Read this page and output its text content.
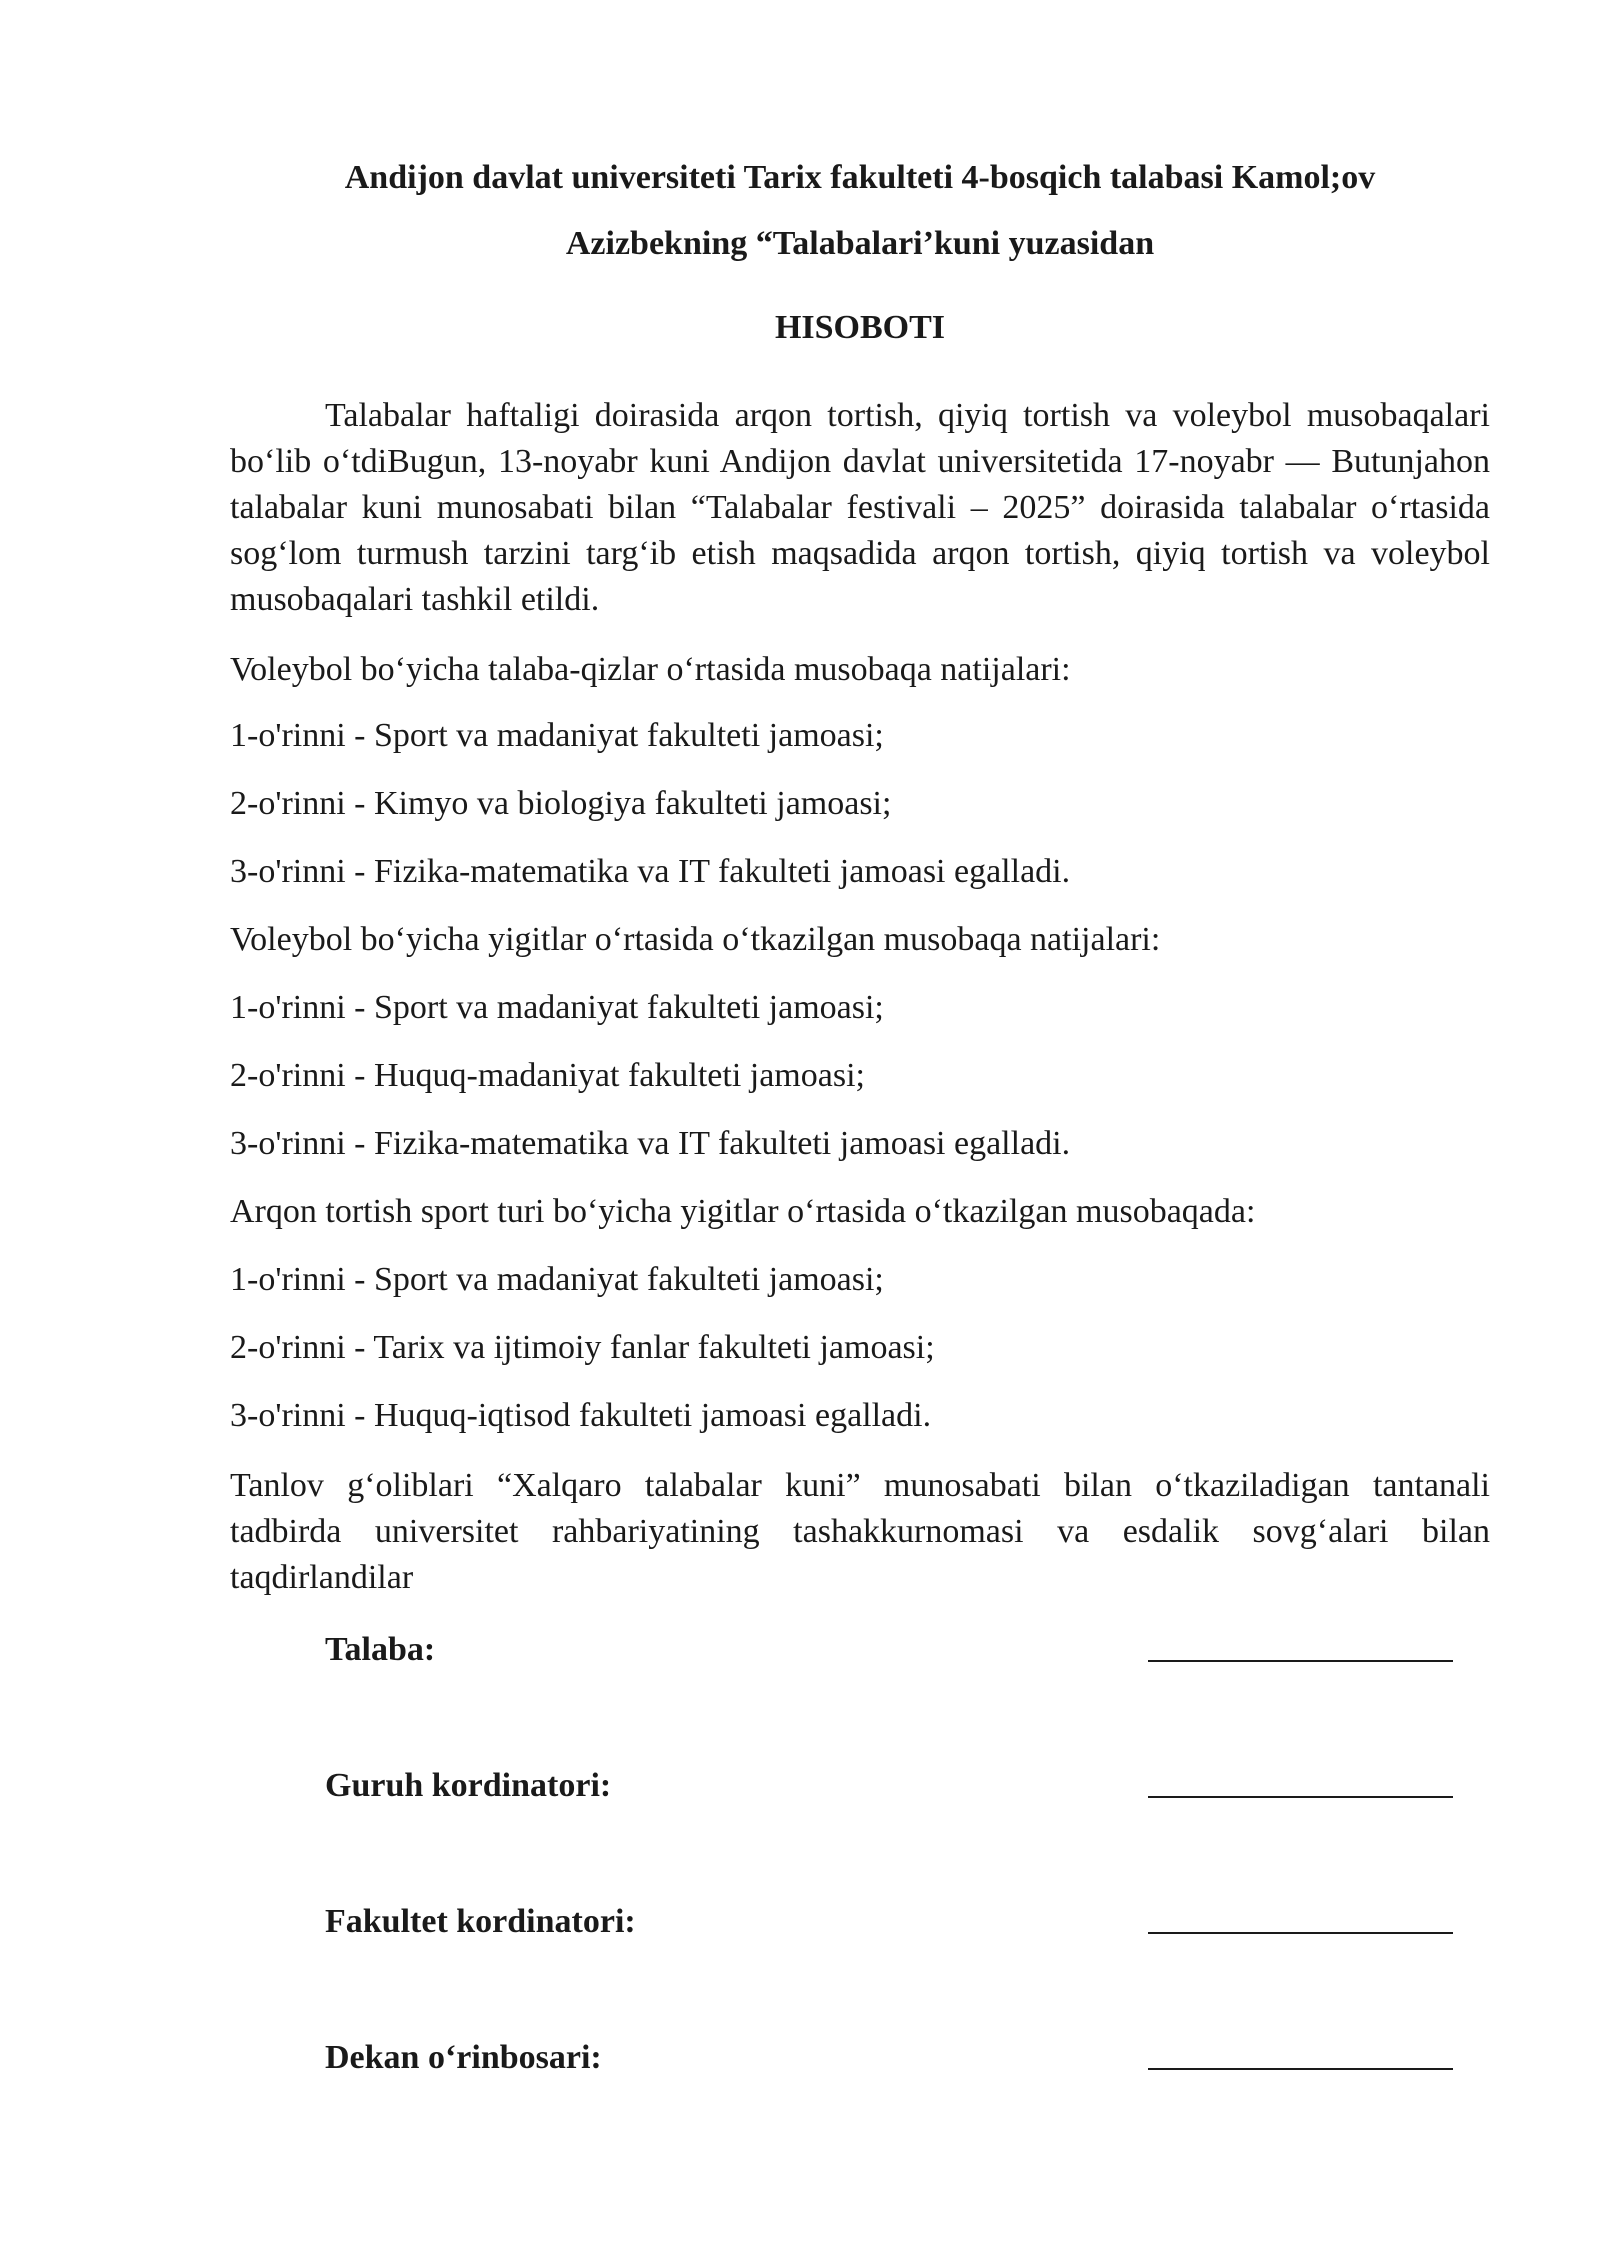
Andijon davlat universiteti Tarix fakulteti 4-bosqich talabasi Kamol;ov
Azizbekning “Talabalari’kuni yuzasidan
HISOBOTI
Talabalar haftaligi doirasida arqon tortish, qiyiq tortish va voleybol musobaqalari bo‘lib o‘tdiBugun, 13-noyabr kuni Andijon davlat universitetida 17-noyabr — Butunjahon talabalar kuni munosabati bilan “Talabalar festivali – 2025” doirasida talabalar o‘rtasida sog‘lom turmush tarzini targ‘ib etish maqsadida arqon tortish, qiyiq tortish va voleybol musobaqalari tashkil etildi.
Voleybol bo‘yicha talaba-qizlar o‘rtasida musobaqa natijalari:
1-o'rinni - Sport va madaniyat fakulteti jamoasi;
2-o'rinni - Kimyo va biologiya fakulteti jamoasi;
3-o'rinni - Fizika-matematika va IT fakulteti jamoasi egalladi.
Voleybol bo‘yicha yigitlar o‘rtasida o‘tkazilgan musobaqa natijalari:
1-o'rinni - Sport va madaniyat fakulteti jamoasi;
2-o'rinni - Huquq-madaniyat fakulteti jamoasi;
3-o'rinni - Fizika-matematika va IT fakulteti jamoasi egalladi.
Arqon tortish sport turi bo‘yicha yigitlar o‘rtasida o‘tkazilgan musobaqada:
1-o'rinni - Sport va madaniyat fakulteti jamoasi;
2-o'rinni - Tarix va ijtimoiy fanlar fakulteti jamoasi;
3-o'rinni - Huquq-iqtisod fakulteti jamoasi egalladi.
Tanlov g‘oliblari “Xalqaro talabalar kuni” munosabati bilan o‘tkaziladigan tantanali tadbirda universitet rahbariyatining tashakkurnomasi va esdalik sovg‘alari bilan taqdirlandilar
Talaba:
Guruh kordinatori:
Fakultet kordinatori:
Dekan o‘rinbosari:
